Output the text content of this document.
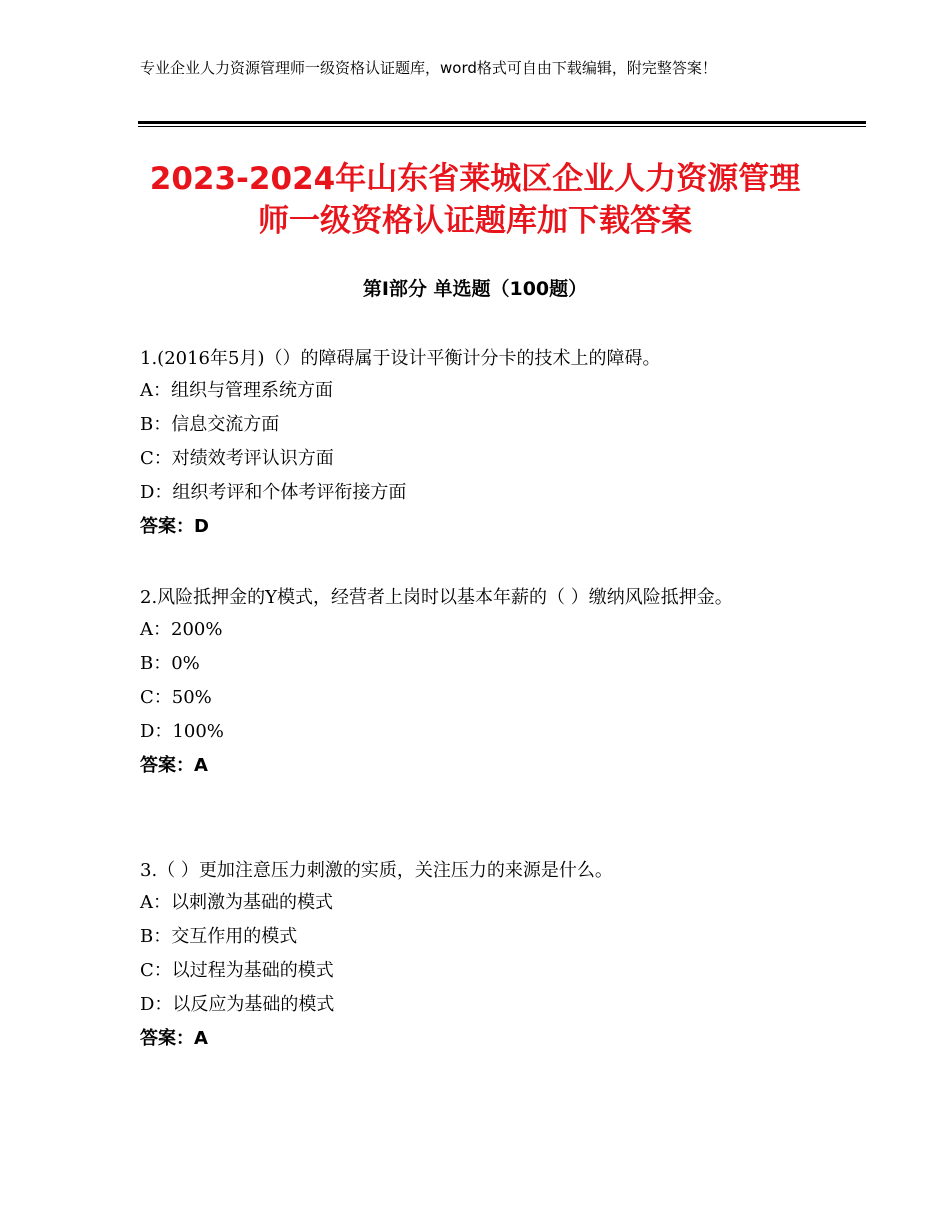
专业企业人力资源管理师一级资格认证题库，word格式可自由下载编辑，附完整答案！
2023-2024年山东省莱城区企业人力资源管理师一级资格认证题库加下载答案
第Ⅰ部分 单选题（100题）

1.(2016年5月)（）的障碍属于设计平衡计分卡的技术上的障碍。

A：组织与管理系统方面

B：信息交流方面

C：对绩效考评认识方面

D：组织考评和个体考评衔接方面

答案：D

2.风险抵押金的Y模式，经营者上岗时以基本年薪的（ ）缴纳风险抵押金。

A：200%

B：0%

C：50%

D：100%

答案：A

3.（ ）更加注意压力刺激的实质，关注压力的来源是什么。

A：以刺激为基础的模式

B：交互作用的模式

C：以过程为基础的模式

D：以反应为基础的模式

答案：A
